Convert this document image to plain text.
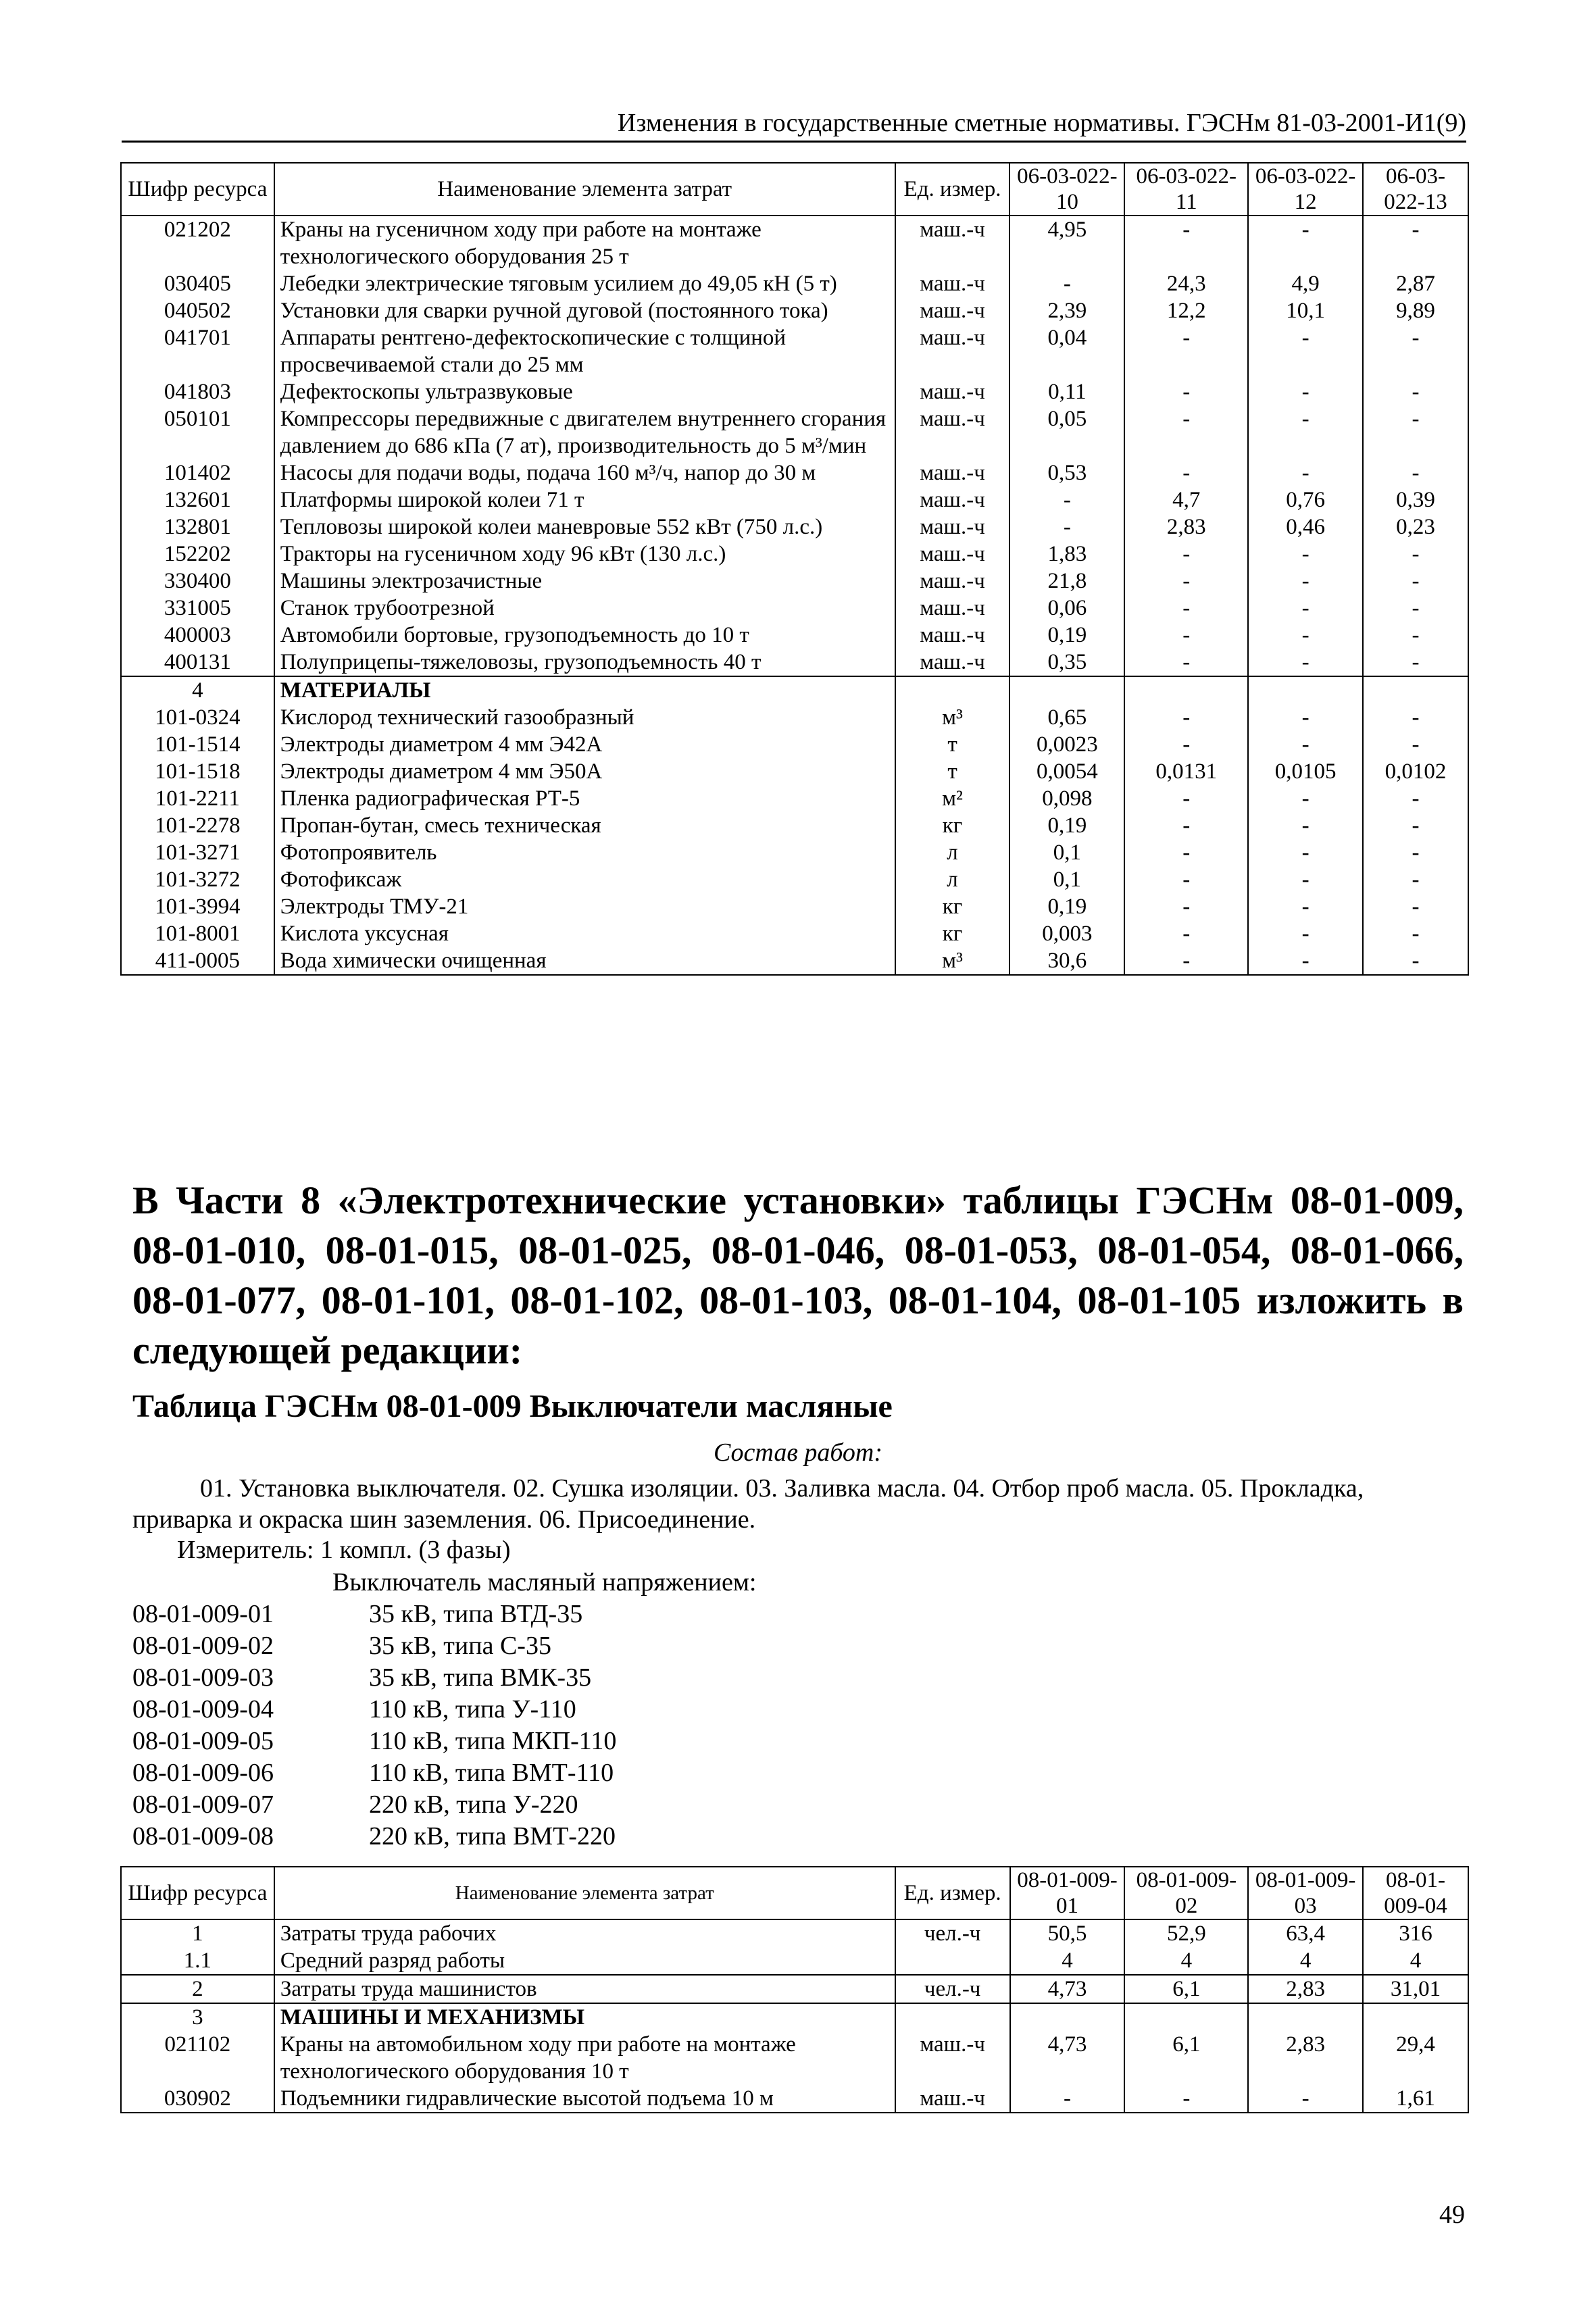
Изменения в государственные сметные нормативы. ГЭСНм 81-03-2001-И1(9)
Шифр ресурса	Наименование элемента затрат	Ед. измер.	06-03-022-10	06-03-022-11	06-03-022-12	06-03-022-13
021202	Краны на гусеничном ходу при работе на монтаже технологического оборудования 25 т	маш.-ч	4,95	-	-	-
030405	Лебедки электрические тяговым усилием до 49,05 кН (5 т)	маш.-ч	-	24,3	4,9	2,87
040502	Установки для сварки ручной дуговой (постоянного тока)	маш.-ч	2,39	12,2	10,1	9,89
041701	Аппараты рентгено-дефектоскопические с толщиной просвечиваемой стали до 25 мм	маш.-ч	0,04	-	-	-
041803	Дефектоскопы ультразвуковые	маш.-ч	0,11	-	-	-
050101	Компрессоры передвижные с двигателем внутреннего сгорания давлением до 686 кПа (7 ат), производительность до 5 м³/мин	маш.-ч	0,05	-	-	-
101402	Насосы для подачи воды, подача 160 м³/ч, напор до 30 м	маш.-ч	0,53	-	-	-
132601	Платформы широкой колеи 71 т	маш.-ч	-	4,7	0,76	0,39
132801	Тепловозы широкой колеи маневровые 552 кВт (750 л.с.)	маш.-ч	-	2,83	0,46	0,23
152202	Тракторы на гусеничном ходу 96 кВт (130 л.с.)	маш.-ч	1,83	-	-	-
330400	Машины электрозачистные	маш.-ч	21,8	-	-	-
331005	Станок трубоотрезной	маш.-ч	0,06	-	-	-
400003	Автомобили бортовые, грузоподъемность до 10 т	маш.-ч	0,19	-	-	-
400131	Полуприцепы-тяжеловозы, грузоподъемность 40 т	маш.-ч	0,35	-	-	-
4	МАТЕРИАЛЫ					
101-0324	Кислород технический газообразный	м³	0,65	-	-	-
101-1514	Электроды диаметром 4 мм Э42А	т	0,0023	-	-	-
101-1518	Электроды диаметром 4 мм Э50А	т	0,0054	0,0131	0,0105	0,0102
101-2211	Пленка радиографическая РТ-5	м²	0,098	-	-	-
101-2278	Пропан-бутан, смесь техническая	кг	0,19	-	-	-
101-3271	Фотопроявитель	л	0,1	-	-	-
101-3272	Фотофиксаж	л	0,1	-	-	-
101-3994	Электроды ТМУ-21	кг	0,19	-	-	-
101-8001	Кислота уксусная	кг	0,003	-	-	-
411-0005	Вода химически очищенная	м³	30,6	-	-	-
В Части 8 «Электротехнические установки» таблицы ГЭСНм 08-01-009, 08-01-010, 08-01-015, 08-01-025, 08-01-046, 08-01-053, 08-01-054, 08-01-066, 08-01-077, 08-01-101, 08-01-102, 08-01-103, 08-01-104, 08-01-105 изложить в следующей редакции:
Таблица ГЭСНм 08-01-009 Выключатели масляные
Состав работ:
01. Установка выключателя. 02. Сушка изоляции. 03. Заливка масла. 04. Отбор проб масла. 05. Прокладка, приварка и окраска шин заземления. 06. Присоединение.
Измеритель: 1 компл. (3 фазы)
Выключатель масляный напряжением:
08-01-009-01	35 кВ, типа ВТД-35
08-01-009-02	35 кВ, типа С-35
08-01-009-03	35 кВ, типа ВМК-35
08-01-009-04	110 кВ, типа У-110
08-01-009-05	110 кВ, типа МКП-110
08-01-009-06	110 кВ, типа ВМТ-110
08-01-009-07	220 кВ, типа У-220
08-01-009-08	220 кВ, типа ВМТ-220
Шифр ресурса	Наименование элемента затрат	Ед. измер.	08-01-009-01	08-01-009-02	08-01-009-03	08-01-009-04
1	Затраты труда рабочих	чел.-ч	50,5	52,9	63,4	316
1.1	Средний разряд работы		4	4	4	4
2	Затраты труда машинистов	чел.-ч	4,73	6,1	2,83	31,01
3	МАШИНЫ И МЕХАНИЗМЫ					
021102	Краны на автомобильном ходу при работе на монтаже технологического оборудования 10 т	маш.-ч	4,73	6,1	2,83	29,4
030902	Подъемники гидравлические высотой подъема 10 м	маш.-ч	-	-	-	1,61
49
